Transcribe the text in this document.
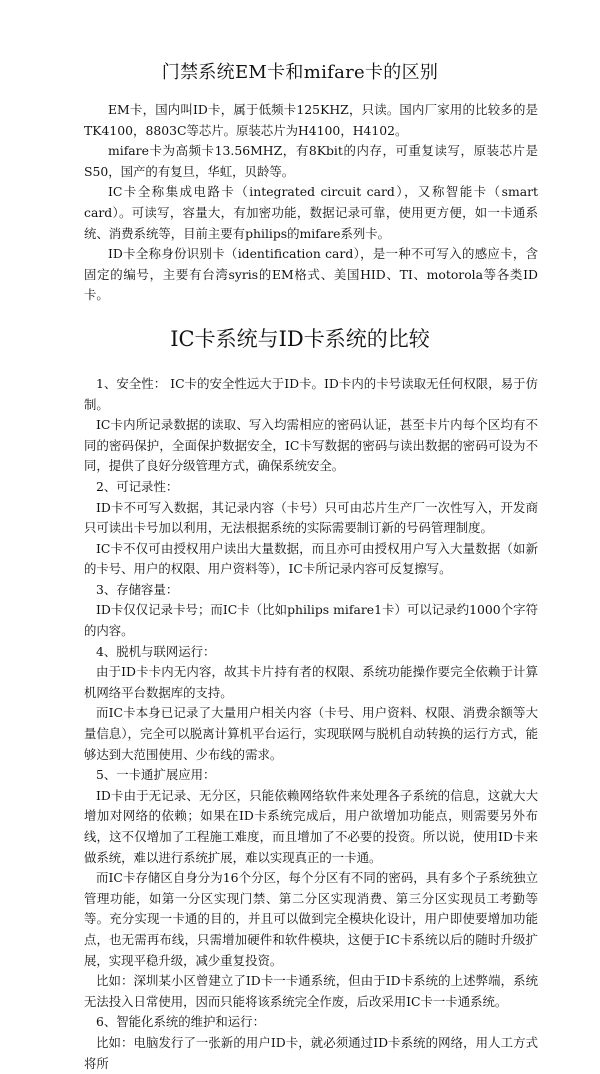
门禁系统EM卡和mifare卡的区别

EM卡，国内叫ID卡，属于低频卡125KHZ，只读。国内厂家用的比较多的是TK4100，8803C等芯片。原装芯片为H4100，H4102。

mifare卡为高频卡13.56MHZ，有8Kbit的内存，可重复读写，原装芯片是S50，国产的有复旦，华虹，贝龄等。

IC卡全称集成电路卡（integrated circuit card），又称智能卡（smart card）。可读写，容量大，有加密功能，数据记录可靠，使用更方便，如一卡通系统、消费系统等，目前主要有philips的mifare系列卡。

ID卡全称身份识别卡（identification card），是一种不可写入的感应卡，含固定的编号，主要有台湾syris的EM格式、美国HID、TI、motorola等各类ID卡。

IC卡系统与ID卡系统的比较

1、安全性： IC卡的安全性远大于ID卡。ID卡内的卡号读取无任何权限，易于仿制。

IC卡内所记录数据的读取、写入均需相应的密码认证，甚至卡片内每个区均有不同的密码保护，全面保护数据安全，IC卡写数据的密码与读出数据的密码可设为不同，提供了良好分级管理方式，确保系统安全。

2、可记录性：

ID卡不可写入数据，其记录内容（卡号）只可由芯片生产厂一次性写入，开发商只可读出卡号加以利用，无法根据系统的实际需要制订新的号码管理制度。

IC卡不仅可由授权用户读出大量数据，而且亦可由授权用户写入大量数据（如新的卡号、用户的权限、用户资料等），IC卡所记录内容可反复擦写。

3、存储容量：

ID卡仅仅记录卡号；而IC卡（比如philips mifare1卡）可以记录约1000个字符的内容。

4、脱机与联网运行：

由于ID卡卡内无内容，故其卡片持有者的权限、系统功能操作要完全依赖于计算机网络平台数据库的支持。

而IC卡本身已记录了大量用户相关内容（卡号、用户资料、权限、消费余额等大量信息），完全可以脱离计算机平台运行，实现联网与脱机自动转换的运行方式，能够达到大范围使用、少布线的需求。

5、一卡通扩展应用：

ID卡由于无记录、无分区，只能依赖网络软件来处理各子系统的信息，这就大大增加对网络的依赖；如果在ID卡系统完成后，用户欲增加功能点，则需要另外布线，这不仅增加了工程施工难度，而且增加了不必要的投资。所以说，使用ID卡来做系统，难以进行系统扩展，难以实现真正的一卡通。

而IC卡存储区自身分为16个分区，每个分区有不同的密码，具有多个子系统独立管理功能，如第一分区实现门禁、第二分区实现消费、第三分区实现员工考勤等等。充分实现一卡通的目的，并且可以做到完全模块化设计，用户即使要增加功能点，也无需再布线，只需增加硬件和软件模块，这便于IC卡系统以后的随时升级扩展，实现平稳升级，减少重复投资。

比如：深圳某小区曾建立了ID卡一卡通系统，但由于ID卡系统的上述弊端，系统无法投入日常使用，因而只能将该系统完全作废，后改采用IC卡一卡通系统。

6、智能化系统的维护和运行：

比如：电脑发行了一张新的用户ID卡，就必须通过ID卡系统的网络，用人工方式将所
